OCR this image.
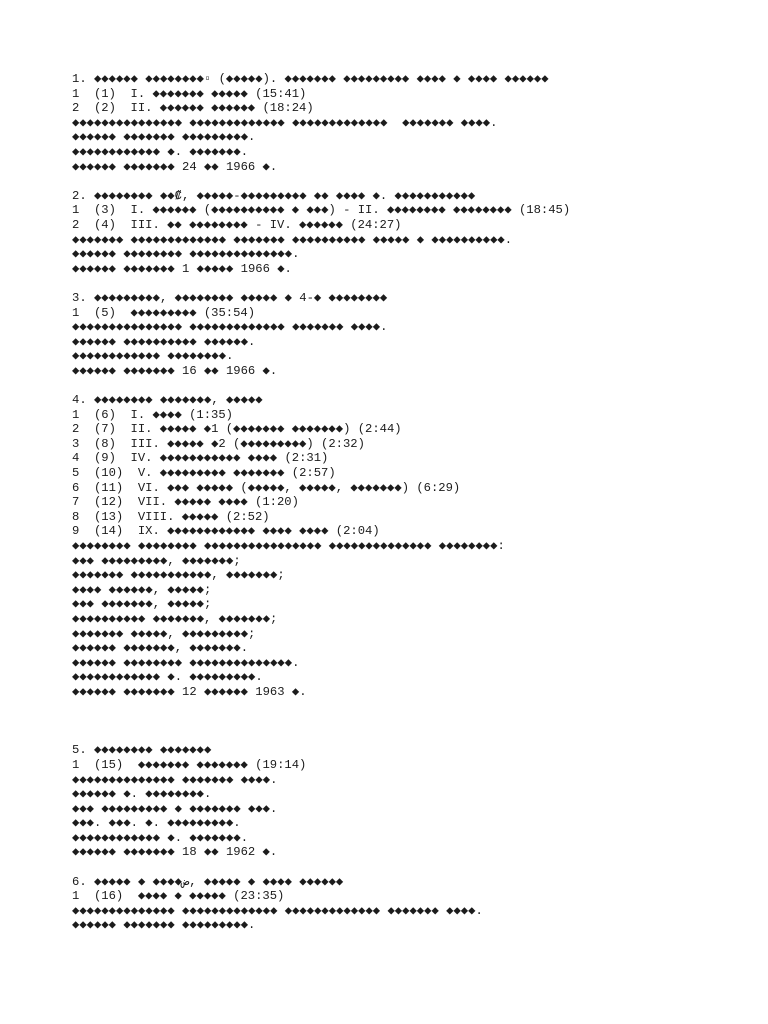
1. ◆◆◆◆◆◆ ◆◆◆◆◆◆◆◆▫ (◆◆◆◆◆). ◆◆◆◆◆◆◆ ◆◆◆◆◆◆◆◆◆ ◆◆◆◆ ◆ ◆◆◆◆ ◆◆◆◆◆◆
1  (1)  I. ◆◆◆◆◆◆◆ ◆◆◆◆◆ (15:41)
2  (2)  II. ◆◆◆◆◆◆ ◆◆◆◆◆◆ (18:24)
◆◆◆◆◆◆◆◆◆◆◆◆◆◆◆ ◆◆◆◆◆◆◆◆◆◆◆◆◆ ◆◆◆◆◆◆◆◆◆◆◆◆◆  ◆◆◆◆◆◆◆ ◆◆◆◆.
◆◆◆◆◆◆ ◆◆◆◆◆◆◆ ◆◆◆◆◆◆◆◆◆.
◆◆◆◆◆◆◆◆◆◆◆◆ ◆. ◆◆◆◆◆◆◆.
◆◆◆◆◆◆ ◆◆◆◆◆◆◆ 24 ◆◆ 1966 ◆.
2. ◆◆◆◆◆◆◆◆ ◆◆₡, ◆◆◆◆◆-◆◆◆◆◆◆◆◆◆ ◆◆ ◆◆◆◆ ◆. ◆◆◆◆◆◆◆◆◆◆◆
1  (3)  I. ◆◆◆◆◆◆ (◆◆◆◆◆◆◆◆◆◆ ◆ ◆◆◆) - II. ◆◆◆◆◆◆◆◆ ◆◆◆◆◆◆◆◆ (18:45)
2  (4)  III. ◆◆ ◆◆◆◆◆◆◆◆ - IV. ◆◆◆◆◆◆ (24:27)
◆◆◆◆◆◆◆ ◆◆◆◆◆◆◆◆◆◆◆◆◆ ◆◆◆◆◆◆◆ ◆◆◆◆◆◆◆◆◆◆ ◆◆◆◆◆ ◆ ◆◆◆◆◆◆◆◆◆◆.
◆◆◆◆◆◆ ◆◆◆◆◆◆◆◆ ◆◆◆◆◆◆◆◆◆◆◆◆◆◆.
◆◆◆◆◆◆ ◆◆◆◆◆◆◆ 1 ◆◆◆◆◆ 1966 ◆.
3. ◆◆◆◆◆◆◆◆◆, ◆◆◆◆◆◆◆◆ ◆◆◆◆◆ ◆ 4-◆ ◆◆◆◆◆◆◆◆
1  (5)  ◆◆◆◆◆◆◆◆◆ (35:54)
◆◆◆◆◆◆◆◆◆◆◆◆◆◆◆ ◆◆◆◆◆◆◆◆◆◆◆◆◆ ◆◆◆◆◆◆◆ ◆◆◆◆.
◆◆◆◆◆◆ ◆◆◆◆◆◆◆◆◆◆ ◆◆◆◆◆◆.
◆◆◆◆◆◆◆◆◆◆◆◆ ◆◆◆◆◆◆◆◆.
◆◆◆◆◆◆ ◆◆◆◆◆◆◆ 16 ◆◆ 1966 ◆.
4. ◆◆◆◆◆◆◆◆ ◆◆◆◆◆◆◆, ◆◆◆◆◆
1  (6)  I. ◆◆◆◆ (1:35)
2  (7)  II. ◆◆◆◆◆ ◆1 (◆◆◆◆◆◆◆ ◆◆◆◆◆◆◆) (2:44)
3  (8)  III. ◆◆◆◆◆ ◆2 (◆◆◆◆◆◆◆◆◆) (2:32)
4  (9)  IV. ◆◆◆◆◆◆◆◆◆◆◆ ◆◆◆◆ (2:31)
5  (10)  V. ◆◆◆◆◆◆◆◆◆ ◆◆◆◆◆◆◆ (2:57)
6  (11)  VI. ◆◆◆ ◆◆◆◆◆ (◆◆◆◆◆, ◆◆◆◆◆, ◆◆◆◆◆◆◆) (6:29)
7  (12)  VII. ◆◆◆◆◆ ◆◆◆◆ (1:20)
8  (13)  VIII. ◆◆◆◆◆ (2:52)
9  (14)  IX. ◆◆◆◆◆◆◆◆◆◆◆◆ ◆◆◆◆ ◆◆◆◆ (2:04)
◆◆◆◆◆◆◆◆ ◆◆◆◆◆◆◆◆ ◆◆◆◆◆◆◆◆◆◆◆◆◆◆◆◆ ◆◆◆◆◆◆◆◆◆◆◆◆◆◆ ◆◆◆◆◆◆◆◆:
◆◆◆ ◆◆◆◆◆◆◆◆◆, ◆◆◆◆◆◆◆;
◆◆◆◆◆◆◆ ◆◆◆◆◆◆◆◆◆◆◆, ◆◆◆◆◆◆◆;
◆◆◆◆ ◆◆◆◆◆◆, ◆◆◆◆◆;
◆◆◆ ◆◆◆◆◆◆◆, ◆◆◆◆◆;
◆◆◆◆◆◆◆◆◆◆ ◆◆◆◆◆◆◆, ◆◆◆◆◆◆◆;
◆◆◆◆◆◆◆ ◆◆◆◆◆, ◆◆◆◆◆◆◆◆◆;
◆◆◆◆◆◆ ◆◆◆◆◆◆◆, ◆◆◆◆◆◆◆.
◆◆◆◆◆◆ ◆◆◆◆◆◆◆◆ ◆◆◆◆◆◆◆◆◆◆◆◆◆◆.
◆◆◆◆◆◆◆◆◆◆◆◆ ◆. ◆◆◆◆◆◆◆◆◆.
◆◆◆◆◆◆ ◆◆◆◆◆◆◆ 12 ◆◆◆◆◆◆ 1963 ◆.
5. ◆◆◆◆◆◆◆◆ ◆◆◆◆◆◆◆
1  (15)  ◆◆◆◆◆◆◆ ◆◆◆◆◆◆◆ (19:14)
◆◆◆◆◆◆◆◆◆◆◆◆◆◆ ◆◆◆◆◆◆◆ ◆◆◆◆.
◆◆◆◆◆◆ ◆. ◆◆◆◆◆◆◆◆.
◆◆◆ ◆◆◆◆◆◆◆◆◆ ◆ ◆◆◆◆◆◆◆ ◆◆◆.
◆◆◆. ◆◆◆. ◆. ◆◆◆◆◆◆◆◆◆.
◆◆◆◆◆◆◆◆◆◆◆◆ ◆. ◆◆◆◆◆◆◆.
◆◆◆◆◆◆ ◆◆◆◆◆◆◆ 18 ◆◆ 1962 ◆.
6. ◆◆◆◆◆ ◆ ◆◆◆◆ض, ◆◆◆◆◆ ◆ ◆◆◆◆ ◆◆◆◆◆◆
1  (16)  ◆◆◆◆ ◆ ◆◆◆◆◆ (23:35)
◆◆◆◆◆◆◆◆◆◆◆◆◆◆ ◆◆◆◆◆◆◆◆◆◆◆◆◆ ◆◆◆◆◆◆◆◆◆◆◆◆◆ ◆◆◆◆◆◆◆ ◆◆◆◆.
◆◆◆◆◆◆ ◆◆◆◆◆◆◆ ◆◆◆◆◆◆◆◆◆.
